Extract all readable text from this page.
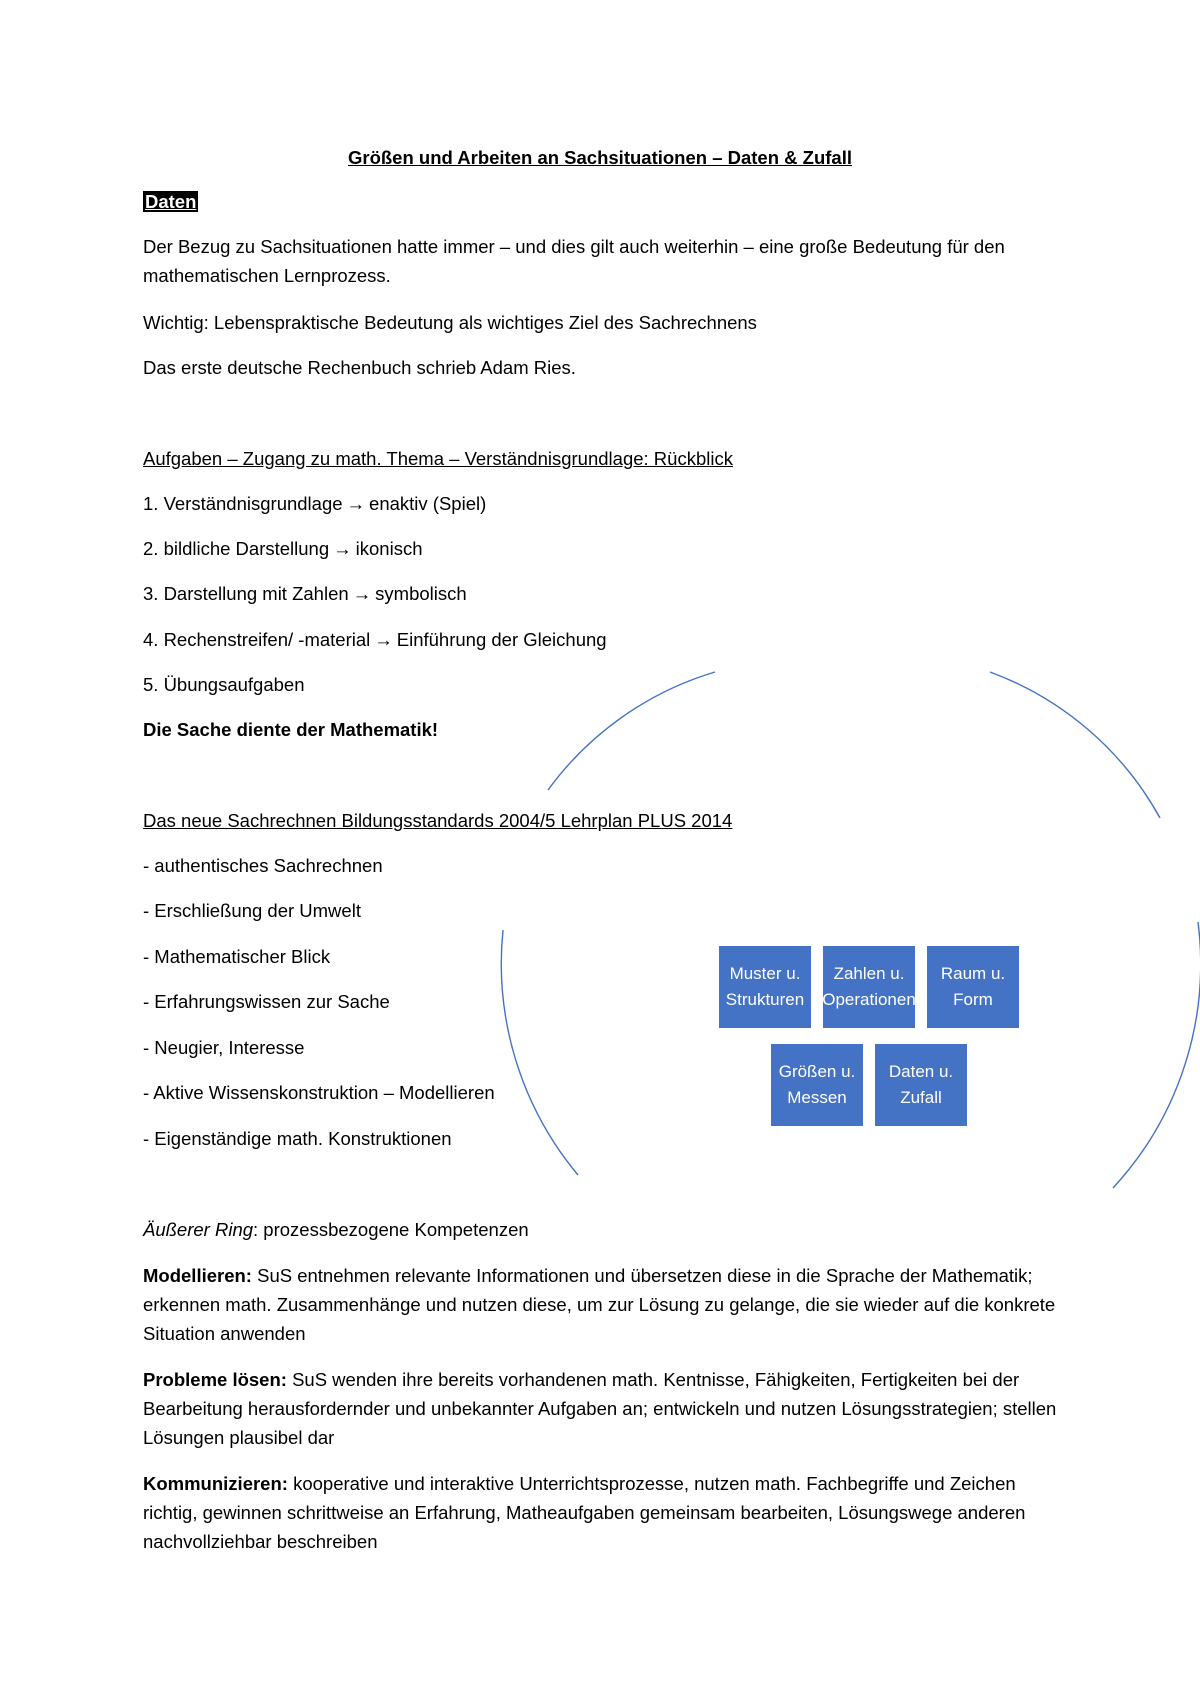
Größen und Arbeiten an Sachsituationen – Daten & Zufall
Daten
Der Bezug zu Sachsituationen hatte immer – und dies gilt auch weiterhin – eine große Bedeutung für den mathematischen Lernprozess.
Wichtig: Lebenspraktische Bedeutung als wichtiges Ziel des Sachrechnens
Das erste deutsche Rechenbuch schrieb Adam Ries.
Aufgaben – Zugang zu math. Thema – Verständnisgrundlage: Rückblick
1. Verständnisgrundlage → enaktiv (Spiel)
2. bildliche Darstellung → ikonisch
3. Darstellung mit Zahlen → symbolisch
4. Rechenstreifen/ -material → Einführung der Gleichung
5. Übungsaufgaben
Die Sache diente der Mathematik!
Das neue Sachrechnen Bildungsstandards 2004/5 Lehrplan PLUS 2014
- authentisches Sachrechnen
- Erschließung der Umwelt
- Mathematischer Blick
- Erfahrungswissen zur Sache
- Neugier, Interesse
- Aktive Wissenskonstruktion – Modellieren
- Eigenständige math. Konstruktionen
Muster u.
Strukturen
Zahlen u.
Operationen
Raum u.
Form
Größen u.
Messen
Daten u.
Zufall
Äußerer Ring: prozessbezogene Kompetenzen
Modellieren: SuS entnehmen relevante Informationen und übersetzen diese in die Sprache der Mathematik; erkennen math. Zusammenhänge und nutzen diese, um zur Lösung zu gelange, die sie wieder auf die konkrete Situation anwenden
Probleme lösen: SuS wenden ihre bereits vorhandenen math. Kentnisse, Fähigkeiten, Fertigkeiten bei der Bearbeitung herausfordernder und unbekannter Aufgaben an; entwickeln und nutzen Lösungsstrategien; stellen Lösungen plausibel dar
Kommunizieren: kooperative und interaktive Unterrichtsprozesse, nutzen math. Fachbegriffe und Zeichen richtig, gewinnen schrittweise an Erfahrung, Matheaufgaben gemeinsam bearbeiten, Lösungswege anderen nachvollziehbar beschreiben
